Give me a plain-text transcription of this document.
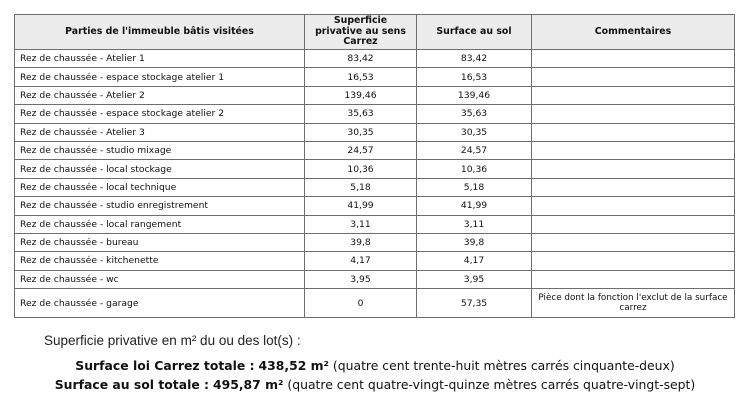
Parties de l'immeuble bâtis visitées	Superficie privative au sens Carrez	Surface au sol	Commentaires
Rez de chaussée - Atelier 1	83,42	83,42	
Rez de chaussée - espace stockage atelier 1	16,53	16,53	
Rez de chaussée - Atelier 2	139,46	139,46	
Rez de chaussée - espace stockage atelier 2	35,63	35,63	
Rez de chaussée - Atelier 3	30,35	30,35	
Rez de chaussée - studio mixage	24,57	24,57	
Rez de chaussée - local stockage	10,36	10,36	
Rez de chaussée - local technique	5,18	5,18	
Rez de chaussée - studio enregistrement	41,99	41,99	
Rez de chaussée - local rangement	3,11	3,11	
Rez de chaussée - bureau	39,8	39,8	
Rez de chaussée - kitchenette	4,17	4,17	
Rez de chaussée - wc	3,95	3,95	
Rez de chaussée - garage	0	57,35	Pièce dont la fonction l'exclut de la surface carrez
Superficie privative en m² du ou des lot(s) :
Surface loi Carrez totale : 438,52 m² (quatre cent trente-huit mètres carrés cinquante-deux)
Surface au sol totale : 495,87 m² (quatre cent quatre-vingt-quinze mètres carrés quatre-vingt-sept)
